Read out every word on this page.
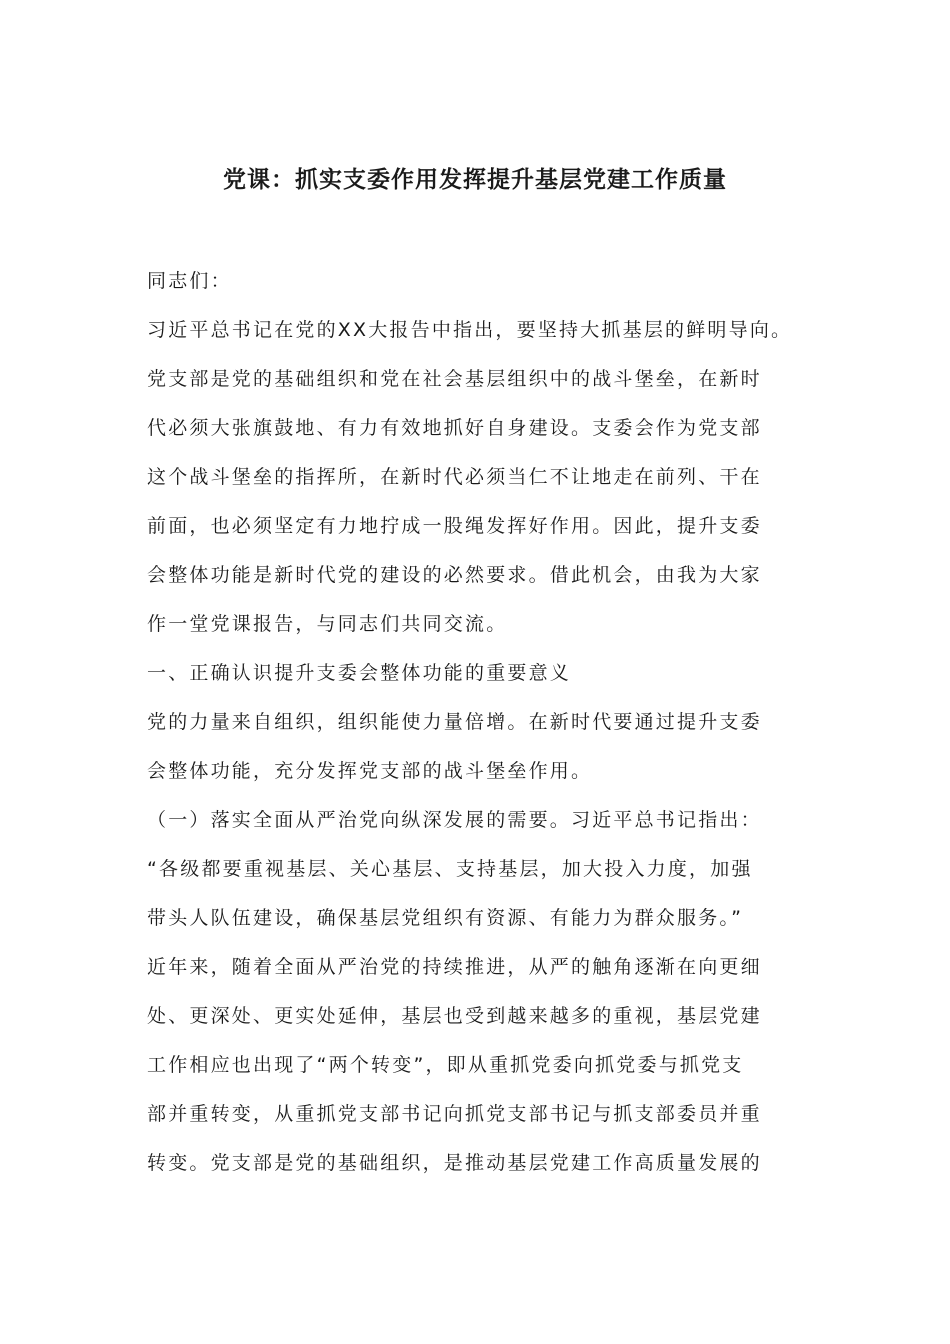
党课：抓实支委作用发挥提升基层党建工作质量
同志们：
习近平总书记在党的XX大报告中指出，要坚持大抓基层的鲜明导向。
党支部是党的基础组织和党在社会基层组织中的战斗堡垒，在新时
代必须大张旗鼓地、有力有效地抓好自身建设。支委会作为党支部
这个战斗堡垒的指挥所，在新时代必须当仁不让地走在前列、干在
前面，也必须坚定有力地拧成一股绳发挥好作用。因此，提升支委
会整体功能是新时代党的建设的必然要求。借此机会，由我为大家
作一堂党课报告，与同志们共同交流。
一、正确认识提升支委会整体功能的重要意义
党的力量来自组织，组织能使力量倍增。在新时代要通过提升支委
会整体功能，充分发挥党支部的战斗堡垒作用。
（一）落实全面从严治党向纵深发展的需要。习近平总书记指出：
“各级都要重视基层、关心基层、支持基层，加大投入力度，加强
带头人队伍建设，确保基层党组织有资源、有能力为群众服务。”
近年来，随着全面从严治党的持续推进，从严的触角逐渐在向更细
处、更深处、更实处延伸，基层也受到越来越多的重视，基层党建
工作相应也出现了“两个转变”，即从重抓党委向抓党委与抓党支
部并重转变，从重抓党支部书记向抓党支部书记与抓支部委员并重
转变。党支部是党的基础组织，是推动基层党建工作高质量发展的
